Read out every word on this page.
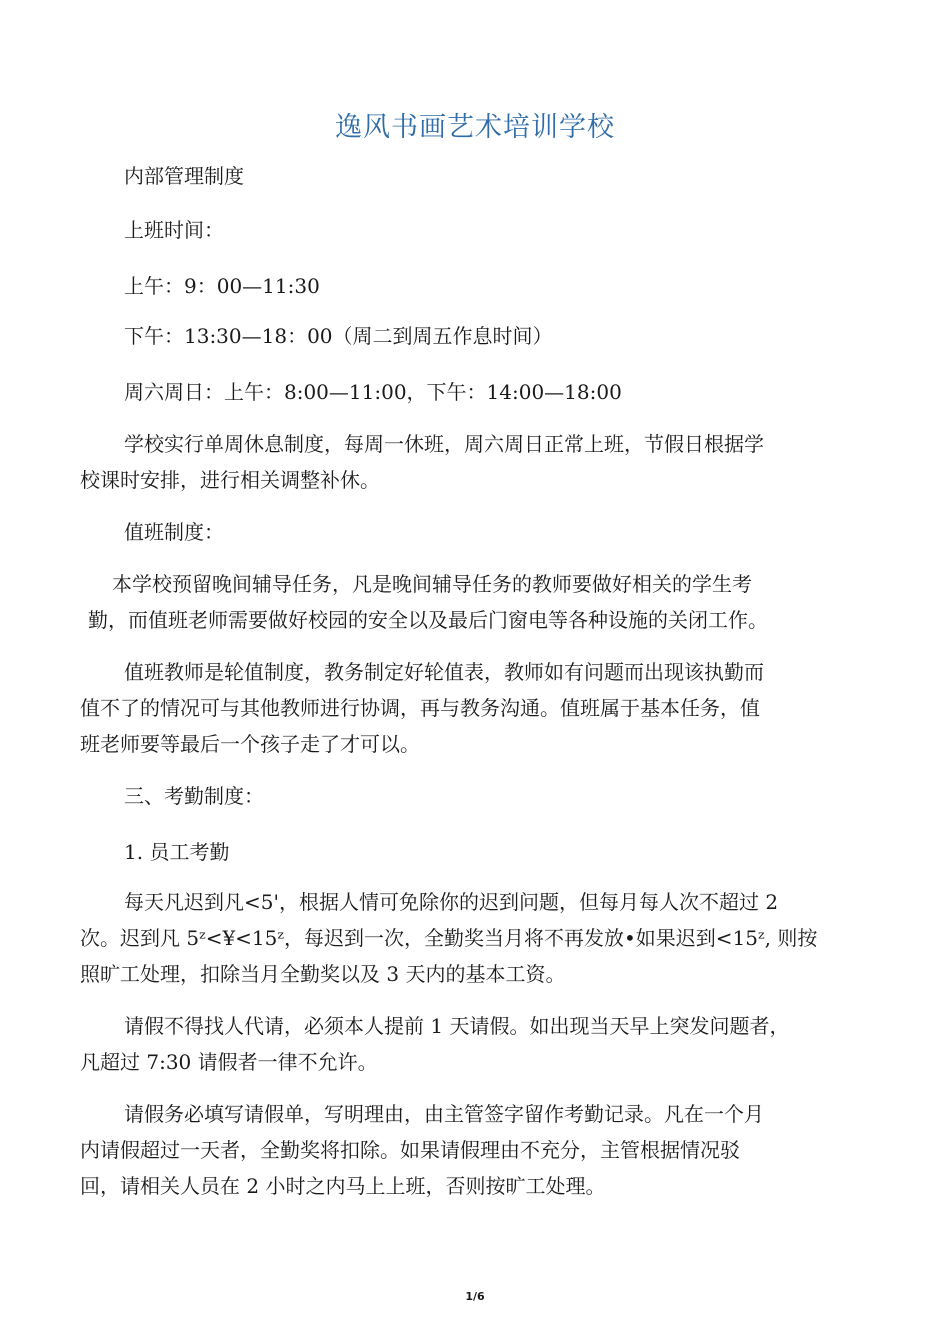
逸风书画艺术培训学校
内部管理制度
上班时间：
上午：9：00—11:30
下午：13:30—18：00（周二到周五作息时间）
周六周日：上午：8:00—11:00，下午：14:00—18:00
学校实行单周休息制度，每周一休班，周六周日正常上班，节假日根据学
校课时安排，进行相关调整补休。
值班制度：
本学校预留晚间辅导任务，凡是晚间辅导任务的教师要做好相关的学生考
勤，而值班老师需要做好校园的安全以及最后门窗电等各种设施的关闭工作。
值班教师是轮值制度，教务制定好轮值表，教师如有问题而出现该执勤而
值不了的情况可与其他教师进行协调，再与教务沟通。值班属于基本任务，值
班老师要等最后一个孩子走了才可以。
三、考勤制度：
1. 员工考勤
每天凡迟到凡<5'，根据人情可免除你的迟到问题，但每月每人次不超过 2
次。迟到凡 5ᶻ<¥<15ᶻ，每迟到一次，全勤奖当月将不再发放•如果迟到<15ᶻ, 则按
照旷工处理，扣除当月全勤奖以及 3 天内的基本工资。
请假不得找人代请，必须本人提前 1 天请假。如出现当天早上突发问题者，
凡超过 7:30 请假者一律不允许。
请假务必填写请假单，写明理由，由主管签字留作考勤记录。凡在一个月
内请假超过一天者，全勤奖将扣除。如果请假理由不充分，主管根据情况驳
回，请相关人员在 2 小时之内马上上班，否则按旷工处理。
1/6
